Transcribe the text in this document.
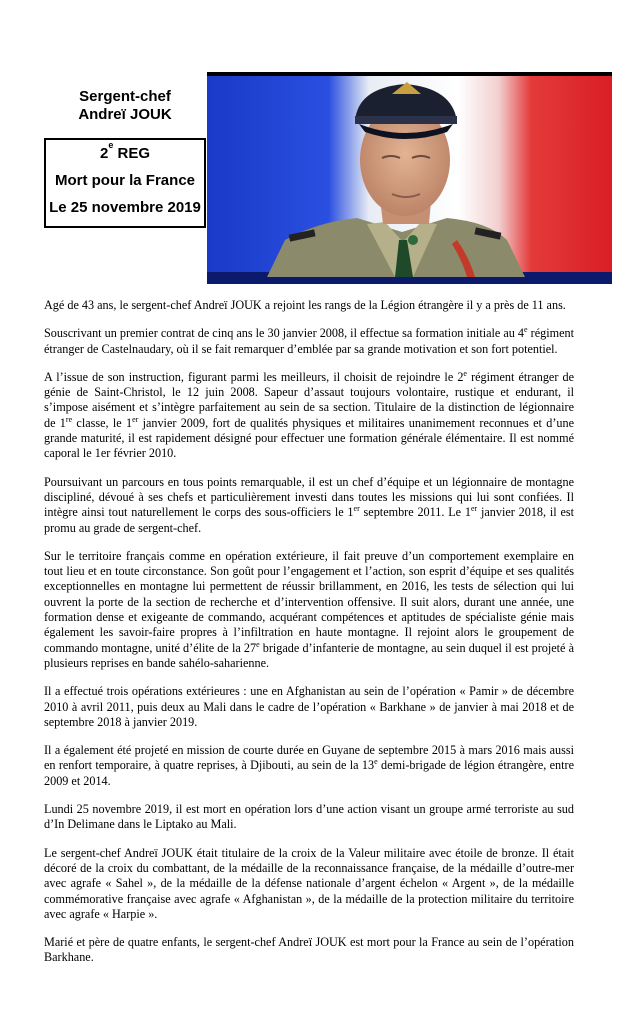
Sergent-chef
Andreï JOUK
2e REG
Mort pour la France
Le 25 novembre 2019

Agé de 43 ans, le sergent-chef Andreï JOUK a rejoint les rangs de la Légion étrangère il y a près de 11 ans.

Souscrivant un premier contrat de cinq ans le 30 janvier 2008, il effectue sa formation initiale au 4e régiment étranger de Castelnaudary, où il se fait remarquer d’emblée par sa grande motivation et son fort potentiel.

A l’issue de son instruction, figurant parmi les meilleurs, il choisit de rejoindre le 2e régiment étranger de génie de Saint-Christol, le 12 juin 2008. Sapeur d’assaut toujours volontaire, rustique et endurant, il s’impose aisément et s’intègre parfaitement au sein de sa section. Titulaire de la distinction de légionnaire de 1re classe, le 1er janvier 2009, fort de qualités physiques et militaires unanimement reconnues et d’une grande maturité, il est rapidement désigné pour effectuer une formation générale élémentaire. Il est nommé caporal le 1er février 2010.

Poursuivant un parcours en tous points remarquable, il est un chef d’équipe et un légionnaire de montagne discipliné, dévoué à ses chefs et particulièrement investi dans toutes les missions qui lui sont confiées. Il intègre ainsi tout naturellement le corps des sous-officiers le 1er septembre 2011. Le 1er janvier 2018, il est promu au grade de sergent-chef.

Sur le territoire français comme en opération extérieure, il fait preuve d’un comportement exemplaire en tout lieu et en toute circonstance. Son goût pour l’engagement et l’action, son esprit d’équipe et ses qualités exceptionnelles en montagne lui permettent de réussir brillamment, en 2016, les tests de sélection qui lui ouvrent la porte de la section de recherche et d’intervention offensive. Il suit alors, durant une année, une formation dense et exigeante de commando, acquérant compétences et aptitudes de spécialiste génie mais également les savoir-faire propres à l’infiltration en haute montagne. Il rejoint alors le groupement de commando montagne, unité d’élite de la 27e brigade d’infanterie de montagne, au sein duquel il est projeté à plusieurs reprises en bande sahélo-saharienne.

Il a effectué trois opérations extérieures : une en Afghanistan au sein de l’opération « Pamir » de décembre 2010 à avril 2011, puis deux au Mali dans le cadre de l’opération « Barkhane » de janvier à mai 2018 et de septembre 2018 à janvier 2019.

Il a également été projeté en mission de courte durée en Guyane de septembre 2015 à mars 2016 mais aussi en renfort temporaire, à quatre reprises, à Djibouti, au sein de la 13e demi-brigade de légion étrangère, entre 2009 et 2014.

Lundi 25 novembre 2019, il est mort en opération lors d’une action visant un groupe armé terroriste au sud d’In Delimane dans le Liptako au Mali.

Le sergent-chef Andreï JOUK était titulaire de la croix de la Valeur militaire avec étoile de bronze. Il était décoré de la croix du combattant, de la médaille de la reconnaissance française, de la médaille d’outre-mer avec agrafe « Sahel », de la médaille de la défense nationale d’argent échelon « Argent », de la médaille commémorative française avec agrafe « Afghanistan », de la médaille de la protection militaire du territoire avec agrafe « Harpie ».

Marié et père de quatre enfants, le sergent-chef Andreï JOUK est mort pour la France au sein de l’opération Barkhane.
